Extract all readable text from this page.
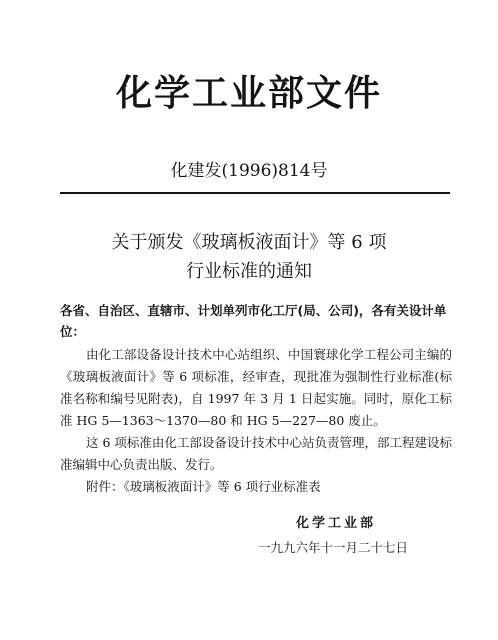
化学工业部文件
化建发(1996)814号
关于颁发《玻璃板液面计》等 6 项
行业标准的通知
各省、自治区、直辖市、计划单列市化工厅(局、公司)，各有关设计单位：
由化工部设备设计技术中心站组织、中国寰球化学工程公司主编的《玻璃板液面计》等 6 项标准，经审查，现批准为强制性行业标准(标准名称和编号见附表)，自 1997 年 3 月 1 日起实施。同时，原化工标准 HG 5—1363～1370—80 和 HG 5—227—80 废止。
这 6 项标准由化工部设备设计技术中心站负责管理，部工程建设标准编辑中心负责出版、发行。
附件：《玻璃板液面计》等 6 项行业标准表
化学工业部
一九九六年十一月二十七日
